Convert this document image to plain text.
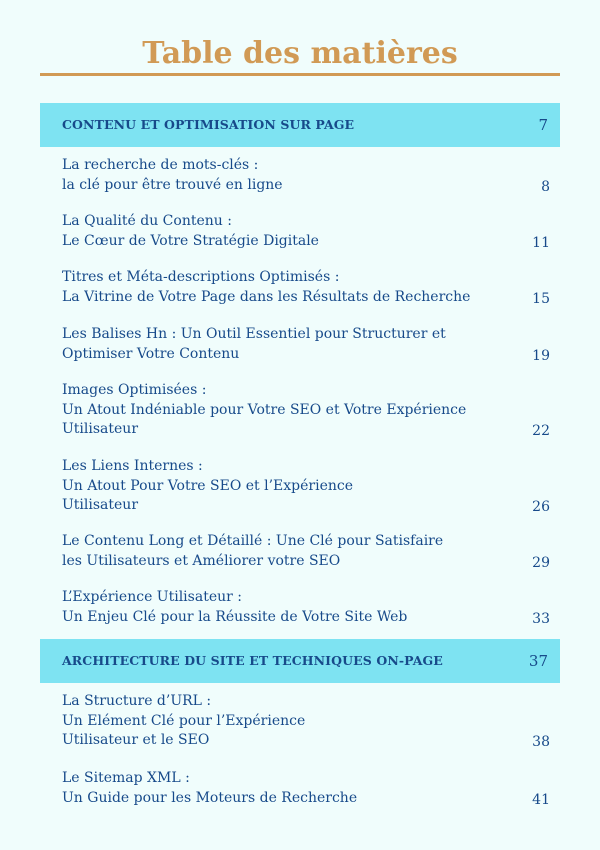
Table des matières
CONTENU ET OPTIMISATION SUR PAGE	7
La recherche de mots-clés :
la clé pour être trouvé en ligne	8
La Qualité du Contenu :
Le Cœur de Votre Stratégie Digitale	11
Titres et Méta-descriptions Optimisés :
La Vitrine de Votre Page dans les Résultats de Recherche	15
Les Balises Hn : Un Outil Essentiel pour Structurer et
Optimiser Votre Contenu	19
Images Optimisées :
Un Atout Indéniable pour Votre SEO et Votre Expérience
Utilisateur	22
Les Liens Internes :
Un Atout Pour Votre SEO et l’Expérience
Utilisateur	26
Le Contenu Long et Détaillé : Une Clé pour Satisfaire
les Utilisateurs et Améliorer votre SEO	29
L’Expérience Utilisateur :
Un Enjeu Clé pour la Réussite de Votre Site Web	33
ARCHITECTURE DU SITE ET TECHNIQUES ON-PAGE	37
La Structure d’URL :
Un Elément Clé pour l’Expérience
Utilisateur et le SEO	38
Le Sitemap XML :
Un Guide pour les Moteurs de Recherche	41
